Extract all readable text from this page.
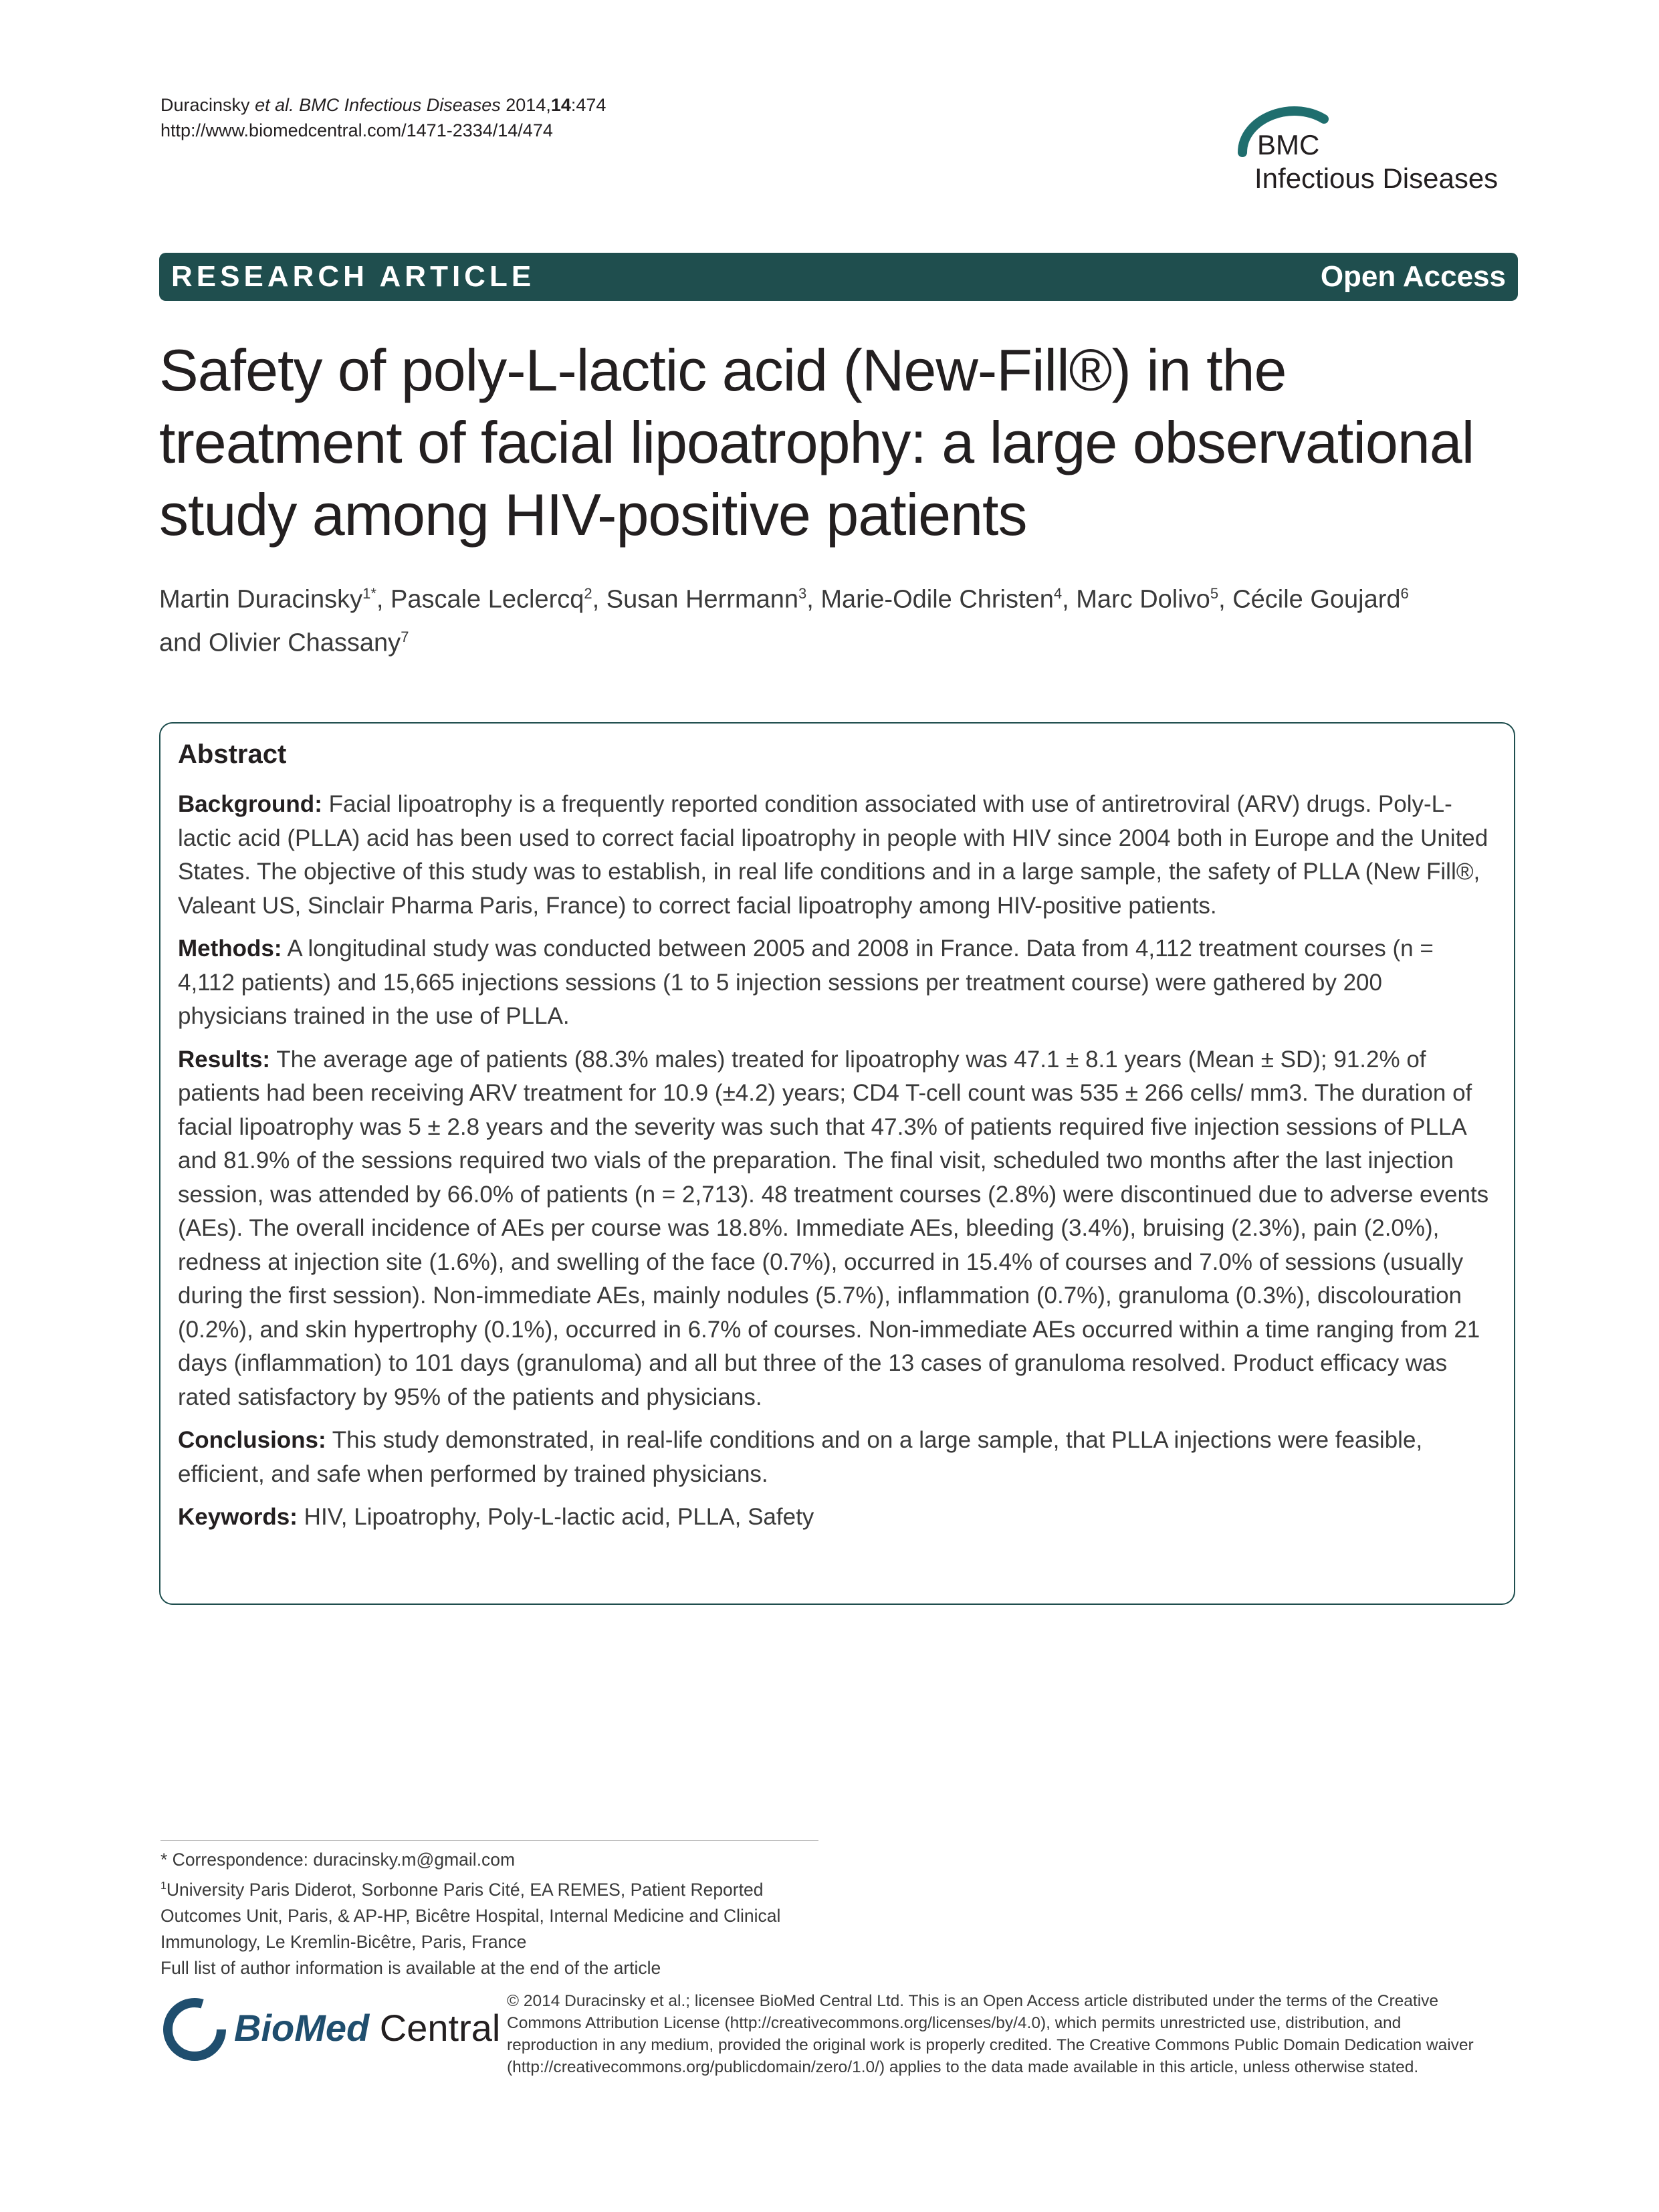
Duracinsky et al. BMC Infectious Diseases 2014,14:474
http://www.biomedcentral.com/1471-2334/14/474	BMC
Infectious Diseases
RESEARCH ARTICLE	Open Access
Safety of poly-L-lactic acid (New-Fill®) in the treatment of facial lipoatrophy: a large observational study among HIV-positive patients
Martin Duracinsky$^{1*}$, Pascale Leclercq$^2$, Susan Herrmann$^3$, Marie-Odile Christen$^4$, Marc Dolivo$^5$, Cécile Goujard$^6$
and Olivier Chassany$^7$
Abstract

Background: Facial lipoatrophy is a frequently reported condition associated with use of antiretroviral (ARV) drugs. Poly-L-lactic acid (PLLA) acid has been used to correct facial lipoatrophy in people with HIV since 2004 both in Europe and the United States. The objective of this study was to establish, in real life conditions and in a large sample, the safety of PLLA (New Fill®, Valeant US, Sinclair Pharma Paris, France) to correct facial lipoatrophy among HIV-positive patients.

Methods: A longitudinal study was conducted between 2005 and 2008 in France. Data from 4,112 treatment courses (n = 4,112 patients) and 15,665 injections sessions (1 to 5 injection sessions per treatment course) were gathered by 200 physicians trained in the use of PLLA.

Results: The average age of patients (88.3% males) treated for lipoatrophy was 47.1 ± 8.1 years (Mean ± SD); 91.2% of patients had been receiving ARV treatment for 10.9 (±4.2) years; CD4 T-cell count was 535 ± 266 cells/ mm3. The duration of facial lipoatrophy was 5 ± 2.8 years and the severity was such that 47.3% of patients required five injection sessions of PLLA and 81.9% of the sessions required two vials of the preparation. The final visit, scheduled two months after the last injection session, was attended by 66.0% of patients (n = 2,713). 48 treatment courses (2.8%) were discontinued due to adverse events (AEs). The overall incidence of AEs per course was 18.8%. Immediate AEs, bleeding (3.4%), bruising (2.3%), pain (2.0%), redness at injection site (1.6%), and swelling of the face (0.7%), occurred in 15.4% of courses and 7.0% of sessions (usually during the first session). Non-immediate AEs, mainly nodules (5.7%), inflammation (0.7%), granuloma (0.3%), discolouration (0.2%), and skin hypertrophy (0.1%), occurred in 6.7% of courses. Non-immediate AEs occurred within a time ranging from 21 days (inflammation) to 101 days (granuloma) and all but three of the 13 cases of granuloma resolved. Product efficacy was rated satisfactory by 95% of the patients and physicians.

Conclusions: This study demonstrated, in real-life conditions and on a large sample, that PLLA injections were feasible, efficient, and safe when performed by trained physicians.

Keywords: HIV, Lipoatrophy, Poly-L-lactic acid, PLLA, Safety

* Correspondence: duracinsky.m@gmail.com
$^1$University Paris Diderot, Sorbonne Paris Cité, EA REMES, Patient Reported Outcomes Unit, Paris, & AP-HP, Bicêtre Hospital, Internal Medicine and Clinical Immunology, Le Kremlin-Bicêtre, Paris, France
Full list of author information is available at the end of the article
BioMed Central
© 2014 Duracinsky et al.; licensee BioMed Central Ltd. This is an Open Access article distributed under the terms of the Creative Commons Attribution License (http://creativecommons.org/licenses/by/4.0), which permits unrestricted use, distribution, and reproduction in any medium, provided the original work is properly credited. The Creative Commons Public Domain Dedication waiver (http://creativecommons.org/publicdomain/zero/1.0/) applies to the data made available in this article, unless otherwise stated.
